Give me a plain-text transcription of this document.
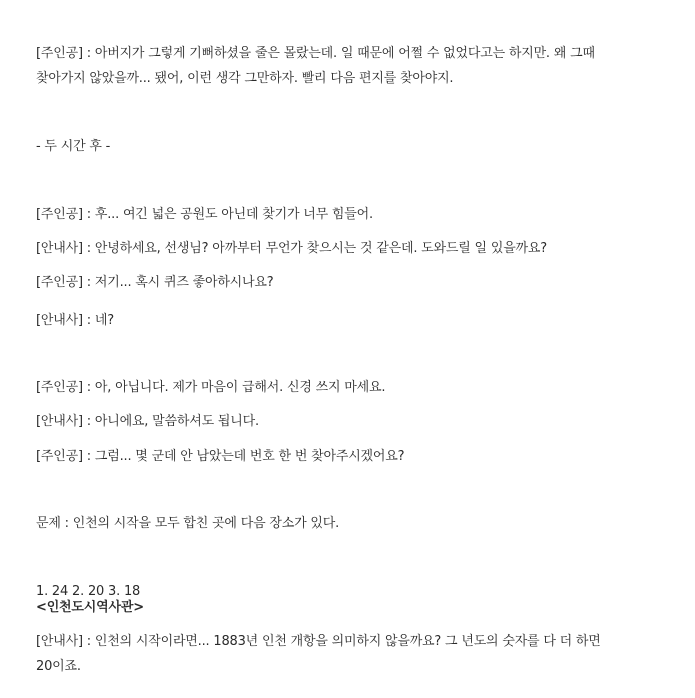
[주인공] : 아버지가 그렇게 기뻐하셨을 줄은 몰랐는데. 일 때문에 어쩔 수 없었다고는 하지만. 왜 그때
찾아가지 않았을까... 됐어, 이런 생각 그만하자. 빨리 다음 편지를 찾아야지.
- 두 시간 후 -
[주인공] : 후... 여긴 넓은 공원도 아닌데 찾기가 너무 힘들어.
[안내사] : 안녕하세요, 선생님? 아까부터 무언가 찾으시는 것 같은데. 도와드릴 일 있을까요?
[주인공] : 저기... 혹시 퀴즈 좋아하시나요?
[안내사] : 네?
[주인공] : 아, 아닙니다. 제가 마음이 급해서. 신경 쓰지 마세요.
[안내사] : 아니에요, 말씀하셔도 됩니다.
[주인공] : 그럼... 몇 군데 안 남았는데 번호 한 번 찾아주시겠어요?
문제 : 인천의 시작을 모두 합친 곳에 다음 장소가 있다.
1. 24 2. 20 3. 18
<인천도시역사관>
[안내사] : 인천의 시작이라면... 1883년 인천 개항을 의미하지 않을까요? 그 년도의 숫자를 다 더 하면
20이죠.
